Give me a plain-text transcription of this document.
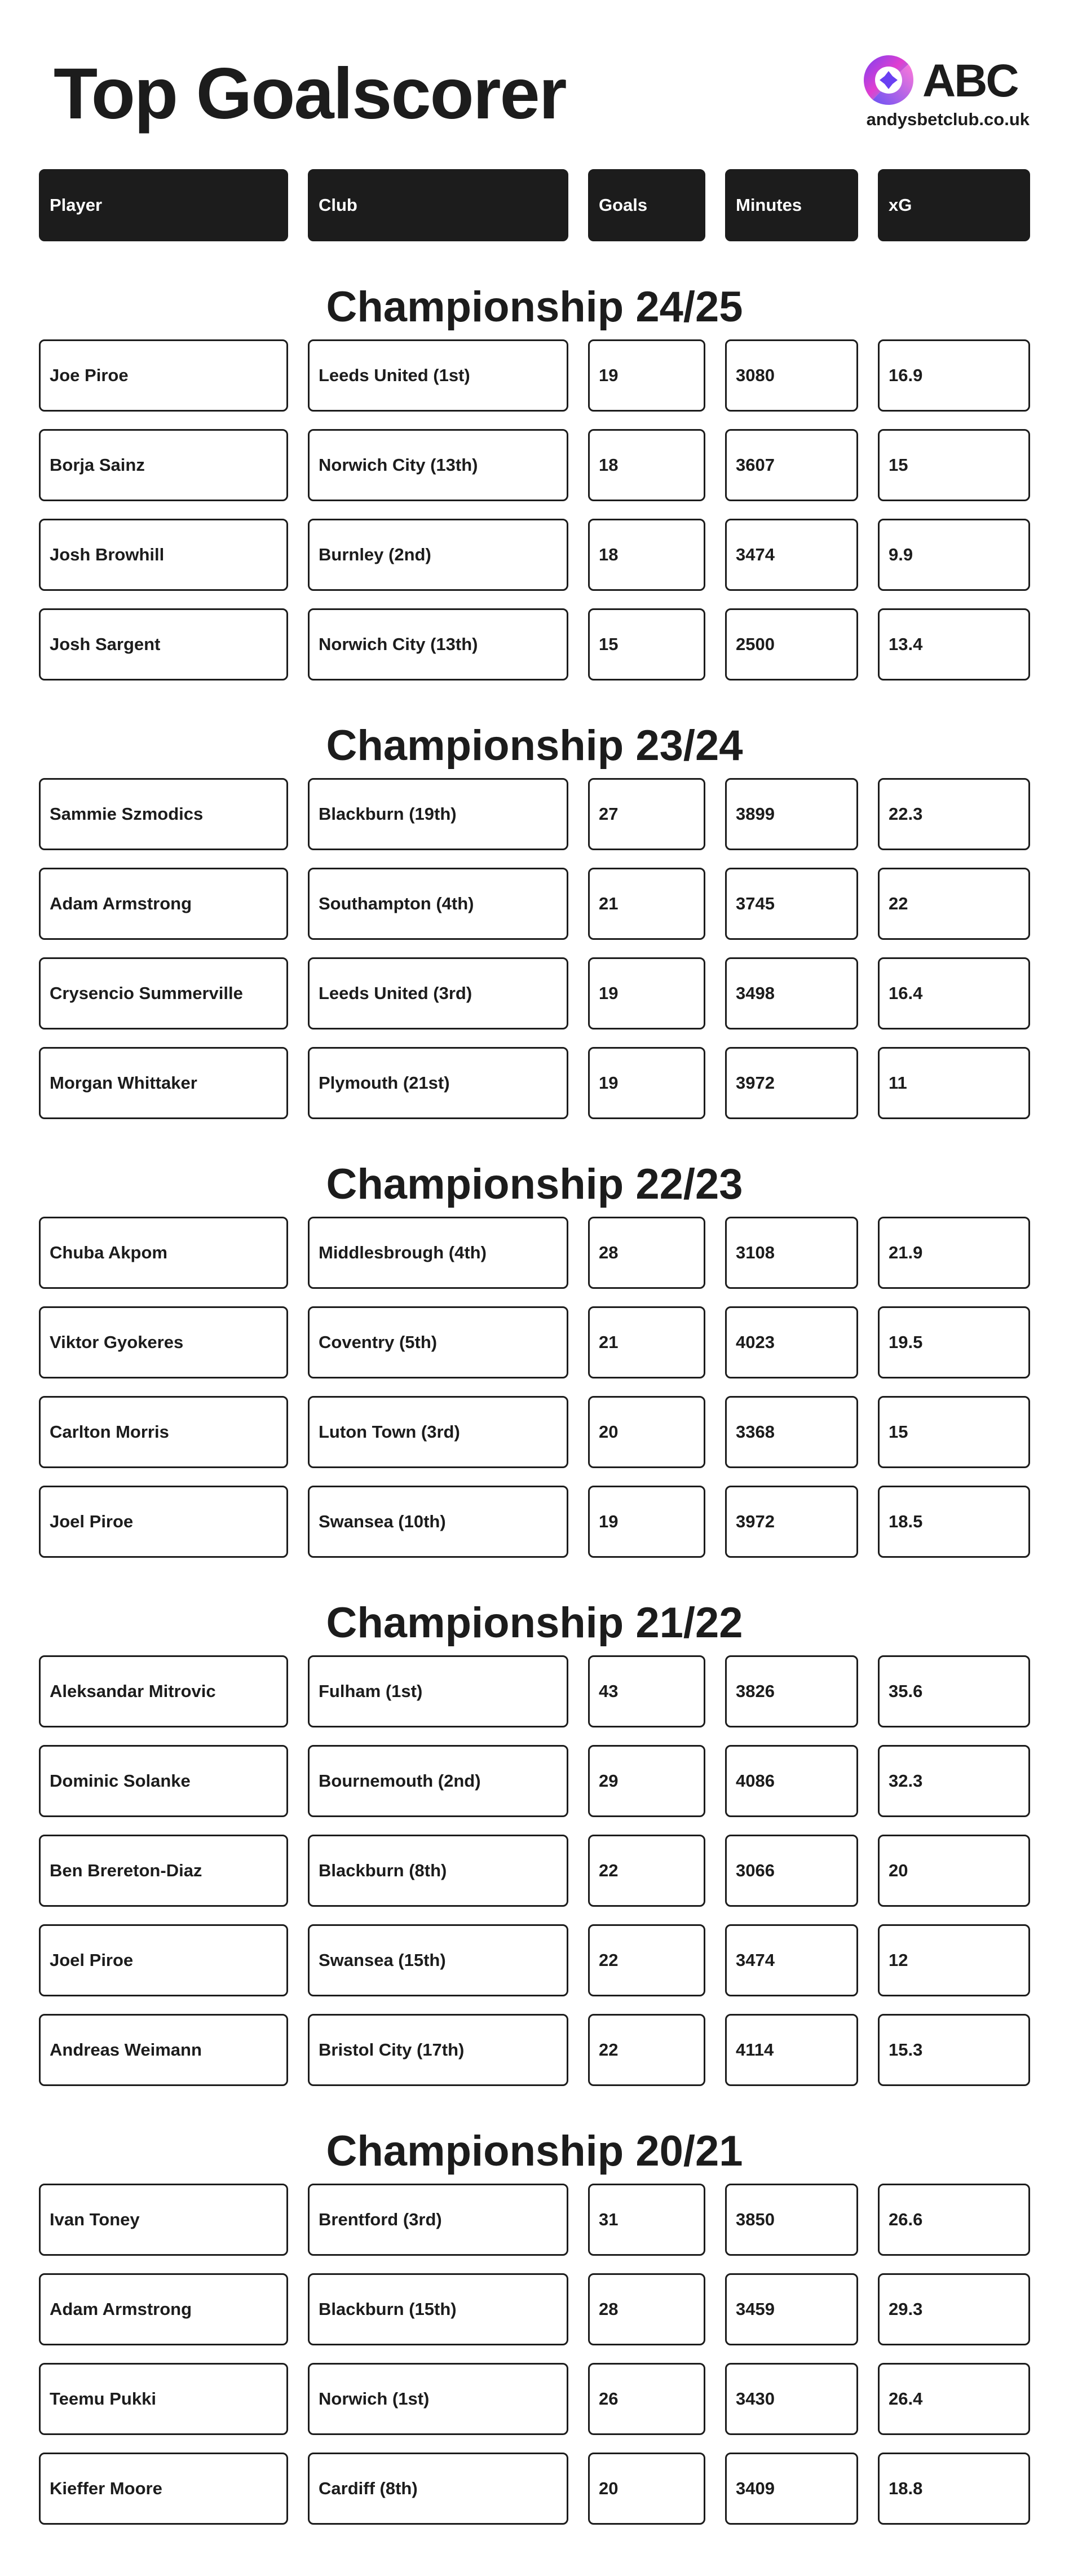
Top Goalscorer	ABC
andysbetclub.co.uk
Player	Club	Goals	Minutes	xG
Championship 24/25
Joe Piroe	Leeds United (1st)	19	3080	16.9
Borja Sainz	Norwich City (13th)	18	3607	15
Josh Browhill	Burnley (2nd)	18	3474	9.9
Josh Sargent	Norwich City (13th)	15	2500	13.4
Championship 23/24
Sammie Szmodics	Blackburn (19th)	27	3899	22.3
Adam Armstrong	Southampton (4th)	21	3745	22
Crysencio Summerville	Leeds United (3rd)	19	3498	16.4
Morgan Whittaker	Plymouth (21st)	19	3972	11
Championship 22/23
Chuba Akpom	Middlesbrough (4th)	28	3108	21.9
Viktor Gyokeres	Coventry (5th)	21	4023	19.5
Carlton Morris	Luton Town (3rd)	20	3368	15
Joel Piroe	Swansea (10th)	19	3972	18.5
Championship 21/22
Aleksandar Mitrovic	Fulham (1st)	43	3826	35.6
Dominic Solanke	Bournemouth (2nd)	29	4086	32.3
Ben Brereton-Diaz	Blackburn (8th)	22	3066	20
Joel Piroe	Swansea (15th)	22	3474	12
Andreas Weimann	Bristol City (17th)	22	4114	15.3
Championship 20/21
Ivan Toney	Brentford (3rd)	31	3850	26.6
Adam Armstrong	Blackburn (15th)	28	3459	29.3
Teemu Pukki	Norwich (1st)	26	3430	26.4
Kieffer Moore	Cardiff (8th)	20	3409	18.8
